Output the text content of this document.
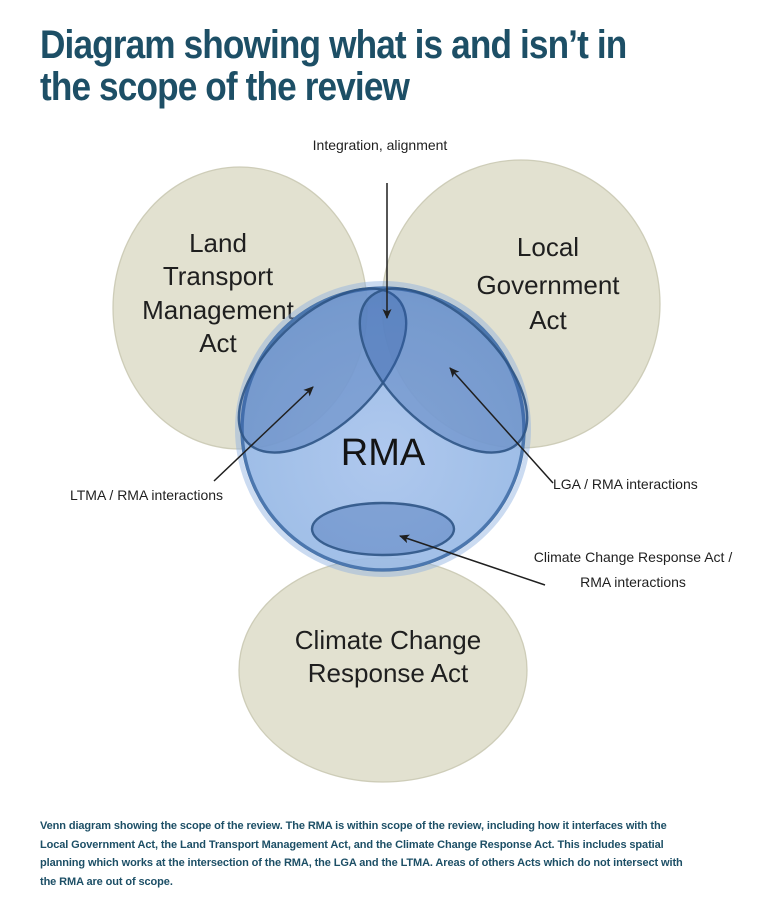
Diagram showing what is and isn’t in
the scope of the review
Land
Transport
Management
Act
Local
Government
Act
Climate Change
Response Act
RMA
Integration, alignment
LTMA / RMA interactions
LGA / RMA interactions
Climate Change Response Act /
RMA interactions
Venn diagram showing the scope of the review. The RMA is within scope of the review, including how it interfaces with the Local Government Act, the Land Transport Management Act, and the Climate Change Response Act. This includes spatial planning which works at the intersection of the RMA, the LGA and the LTMA. Areas of others Acts which do not intersect with the RMA are out of scope.
